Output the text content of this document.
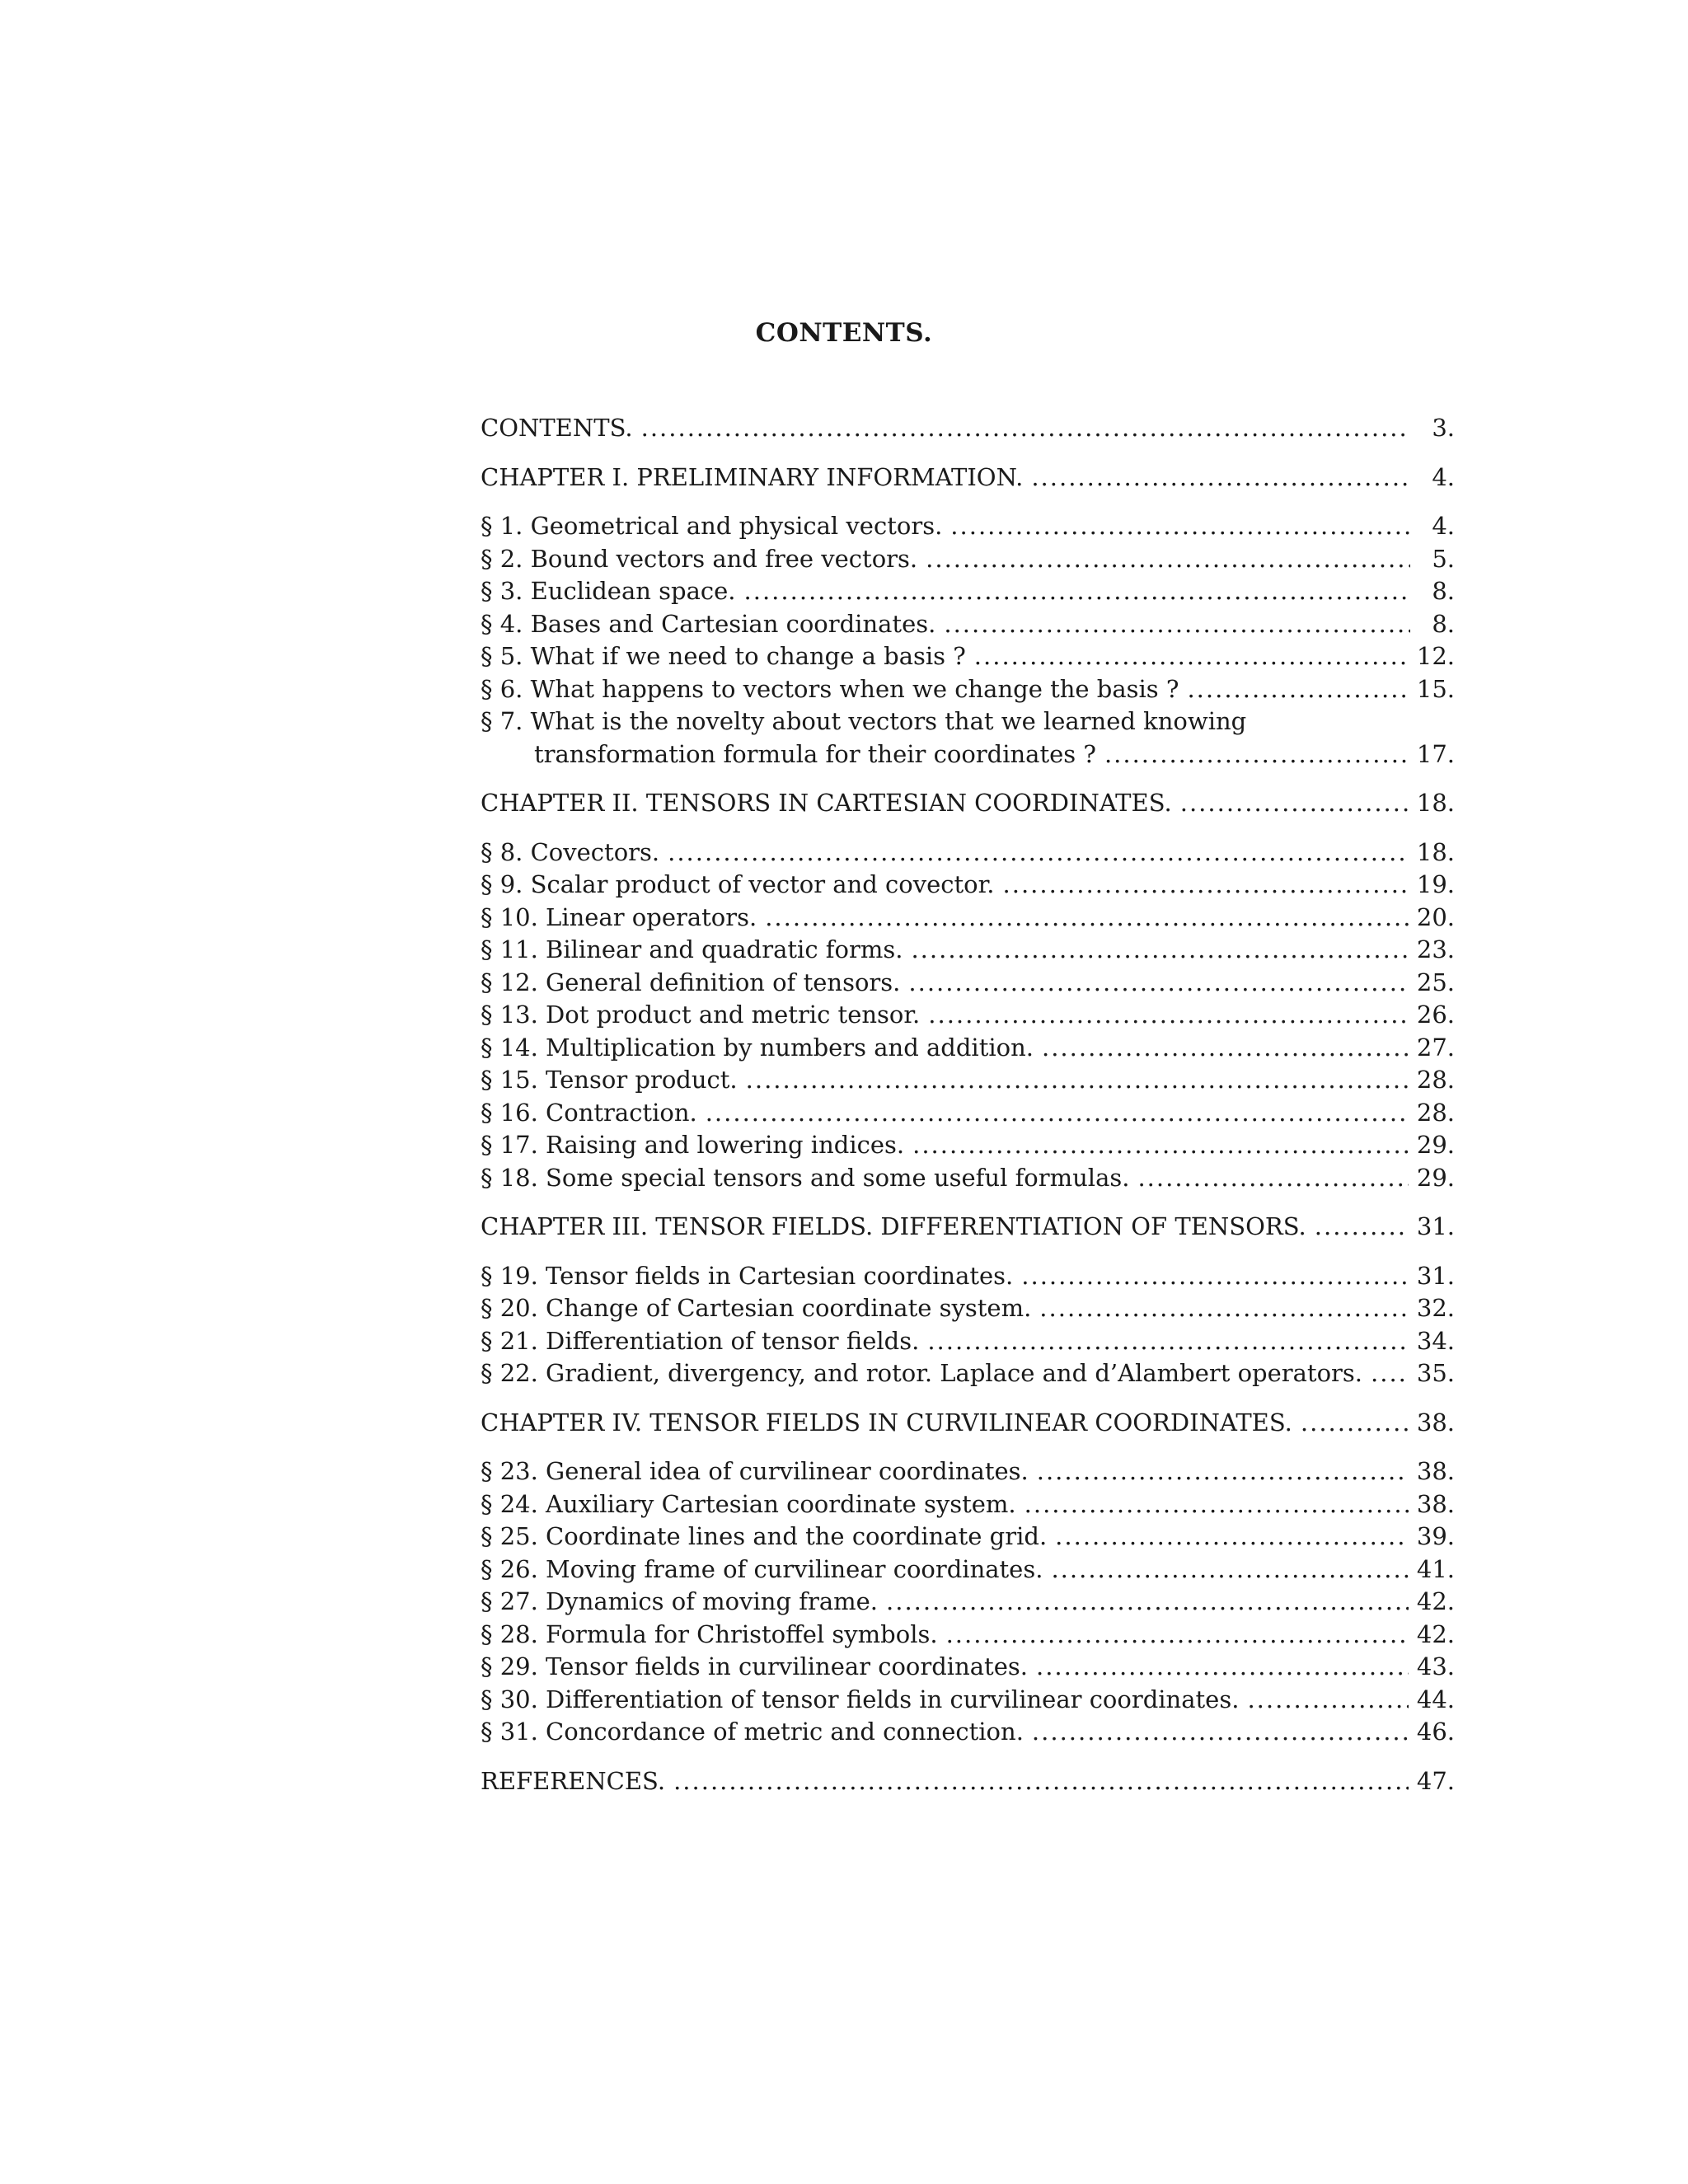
CONTENTS.
CONTENTS. .....	3.
CHAPTER I. PRELIMINARY INFORMATION. .....	4.
§ 1. Geometrical and physical vectors. .....	4.
§ 2. Bound vectors and free vectors. .....	5.
§ 3. Euclidean space. .....	8.
§ 4. Bases and Cartesian coordinates. .....	8.
§ 5. What if we need to change a basis ? .....	12.
§ 6. What happens to vectors when we change the basis ? .....	15.
§ 7. What is the novelty about vectors that we learned knowing
transformation formula for their coordinates ? .....	17.
CHAPTER II. TENSORS IN CARTESIAN COORDINATES. .....	18.
§ 8. Covectors. .....	18.
§ 9. Scalar product of vector and covector. .....	19.
§ 10. Linear operators. .....	20.
§ 11. Bilinear and quadratic forms. .....	23.
§ 12. General definition of tensors. .....	25.
§ 13. Dot product and metric tensor. .....	26.
§ 14. Multiplication by numbers and addition. .....	27.
§ 15. Tensor product. .....	28.
§ 16. Contraction. .....	28.
§ 17. Raising and lowering indices. .....	29.
§ 18. Some special tensors and some useful formulas. .....	29.
CHAPTER III. TENSOR FIELDS. DIFFERENTIATION OF TENSORS. .....	31.
§ 19. Tensor fields in Cartesian coordinates. .....	31.
§ 20. Change of Cartesian coordinate system. .....	32.
§ 21. Differentiation of tensor fields. .....	34.
§ 22. Gradient, divergency, and rotor. Laplace and d’Alambert operators. ..... 35.
CHAPTER IV. TENSOR FIELDS IN CURVILINEAR COORDINATES. .....	38.
§ 23. General idea of curvilinear coordinates. .....	38.
§ 24. Auxiliary Cartesian coordinate system. .....	38.
§ 25. Coordinate lines and the coordinate grid. .....	39.
§ 26. Moving frame of curvilinear coordinates. .....	41.
§ 27. Dynamics of moving frame. .....	42.
§ 28. Formula for Christoffel symbols. .....	42.
§ 29. Tensor fields in curvilinear coordinates. .....	43.
§ 30. Differentiation of tensor fields in curvilinear coordinates. .....	44.
§ 31. Concordance of metric and connection. .....	46.
REFERENCES. .....	47.
